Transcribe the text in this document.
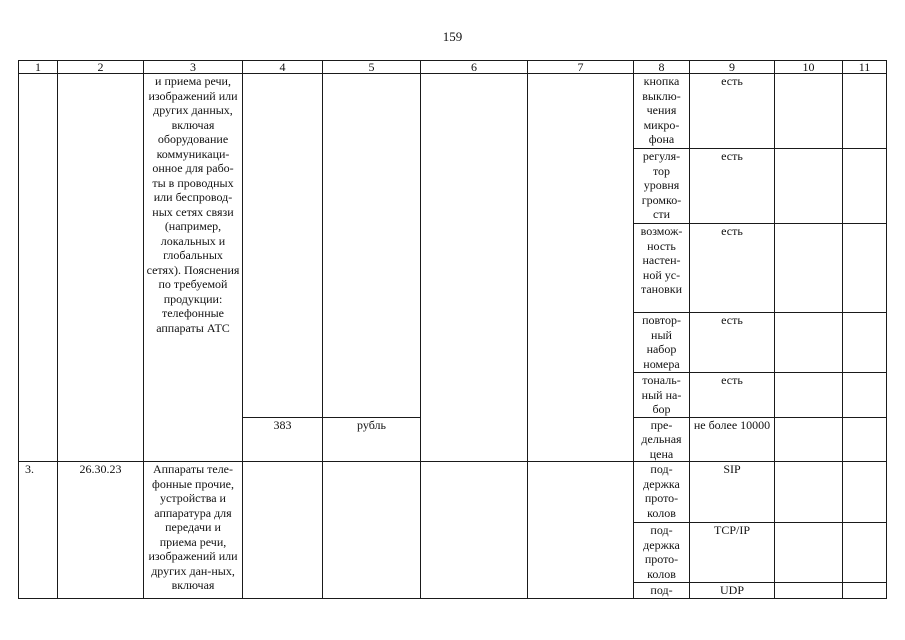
159
1	2	3	4	5	6	7	8	9	10	11
		и приема речи, изображений или других данных, включая оборудование коммуникаци-онное для рабо-ты в проводных или беспровод-ных сетях связи (например, локальных и глобальных сетях). Пояснения по требуемой продукции: телефонные аппараты АТС					кнопка выклю-чения микро-фона	есть		
							регуля-тор уровня громко-сти	есть		
							возмож-ность настен-ной ус-тановки	есть		
							повтор-ный набор номера	есть		
							тональ-ный на-бор	есть		
			383	рубль			пре-дельная цена	не более 10000		
3.	26.30.23	Аппараты теле-фонные прочие, устройства и аппаратура для передачи и приема речи, изображений или других дан-ных, включая					под-держка прото-колов	SIP		
							под-держка прото-колов	TCP/IP		
							под-	UDP		
